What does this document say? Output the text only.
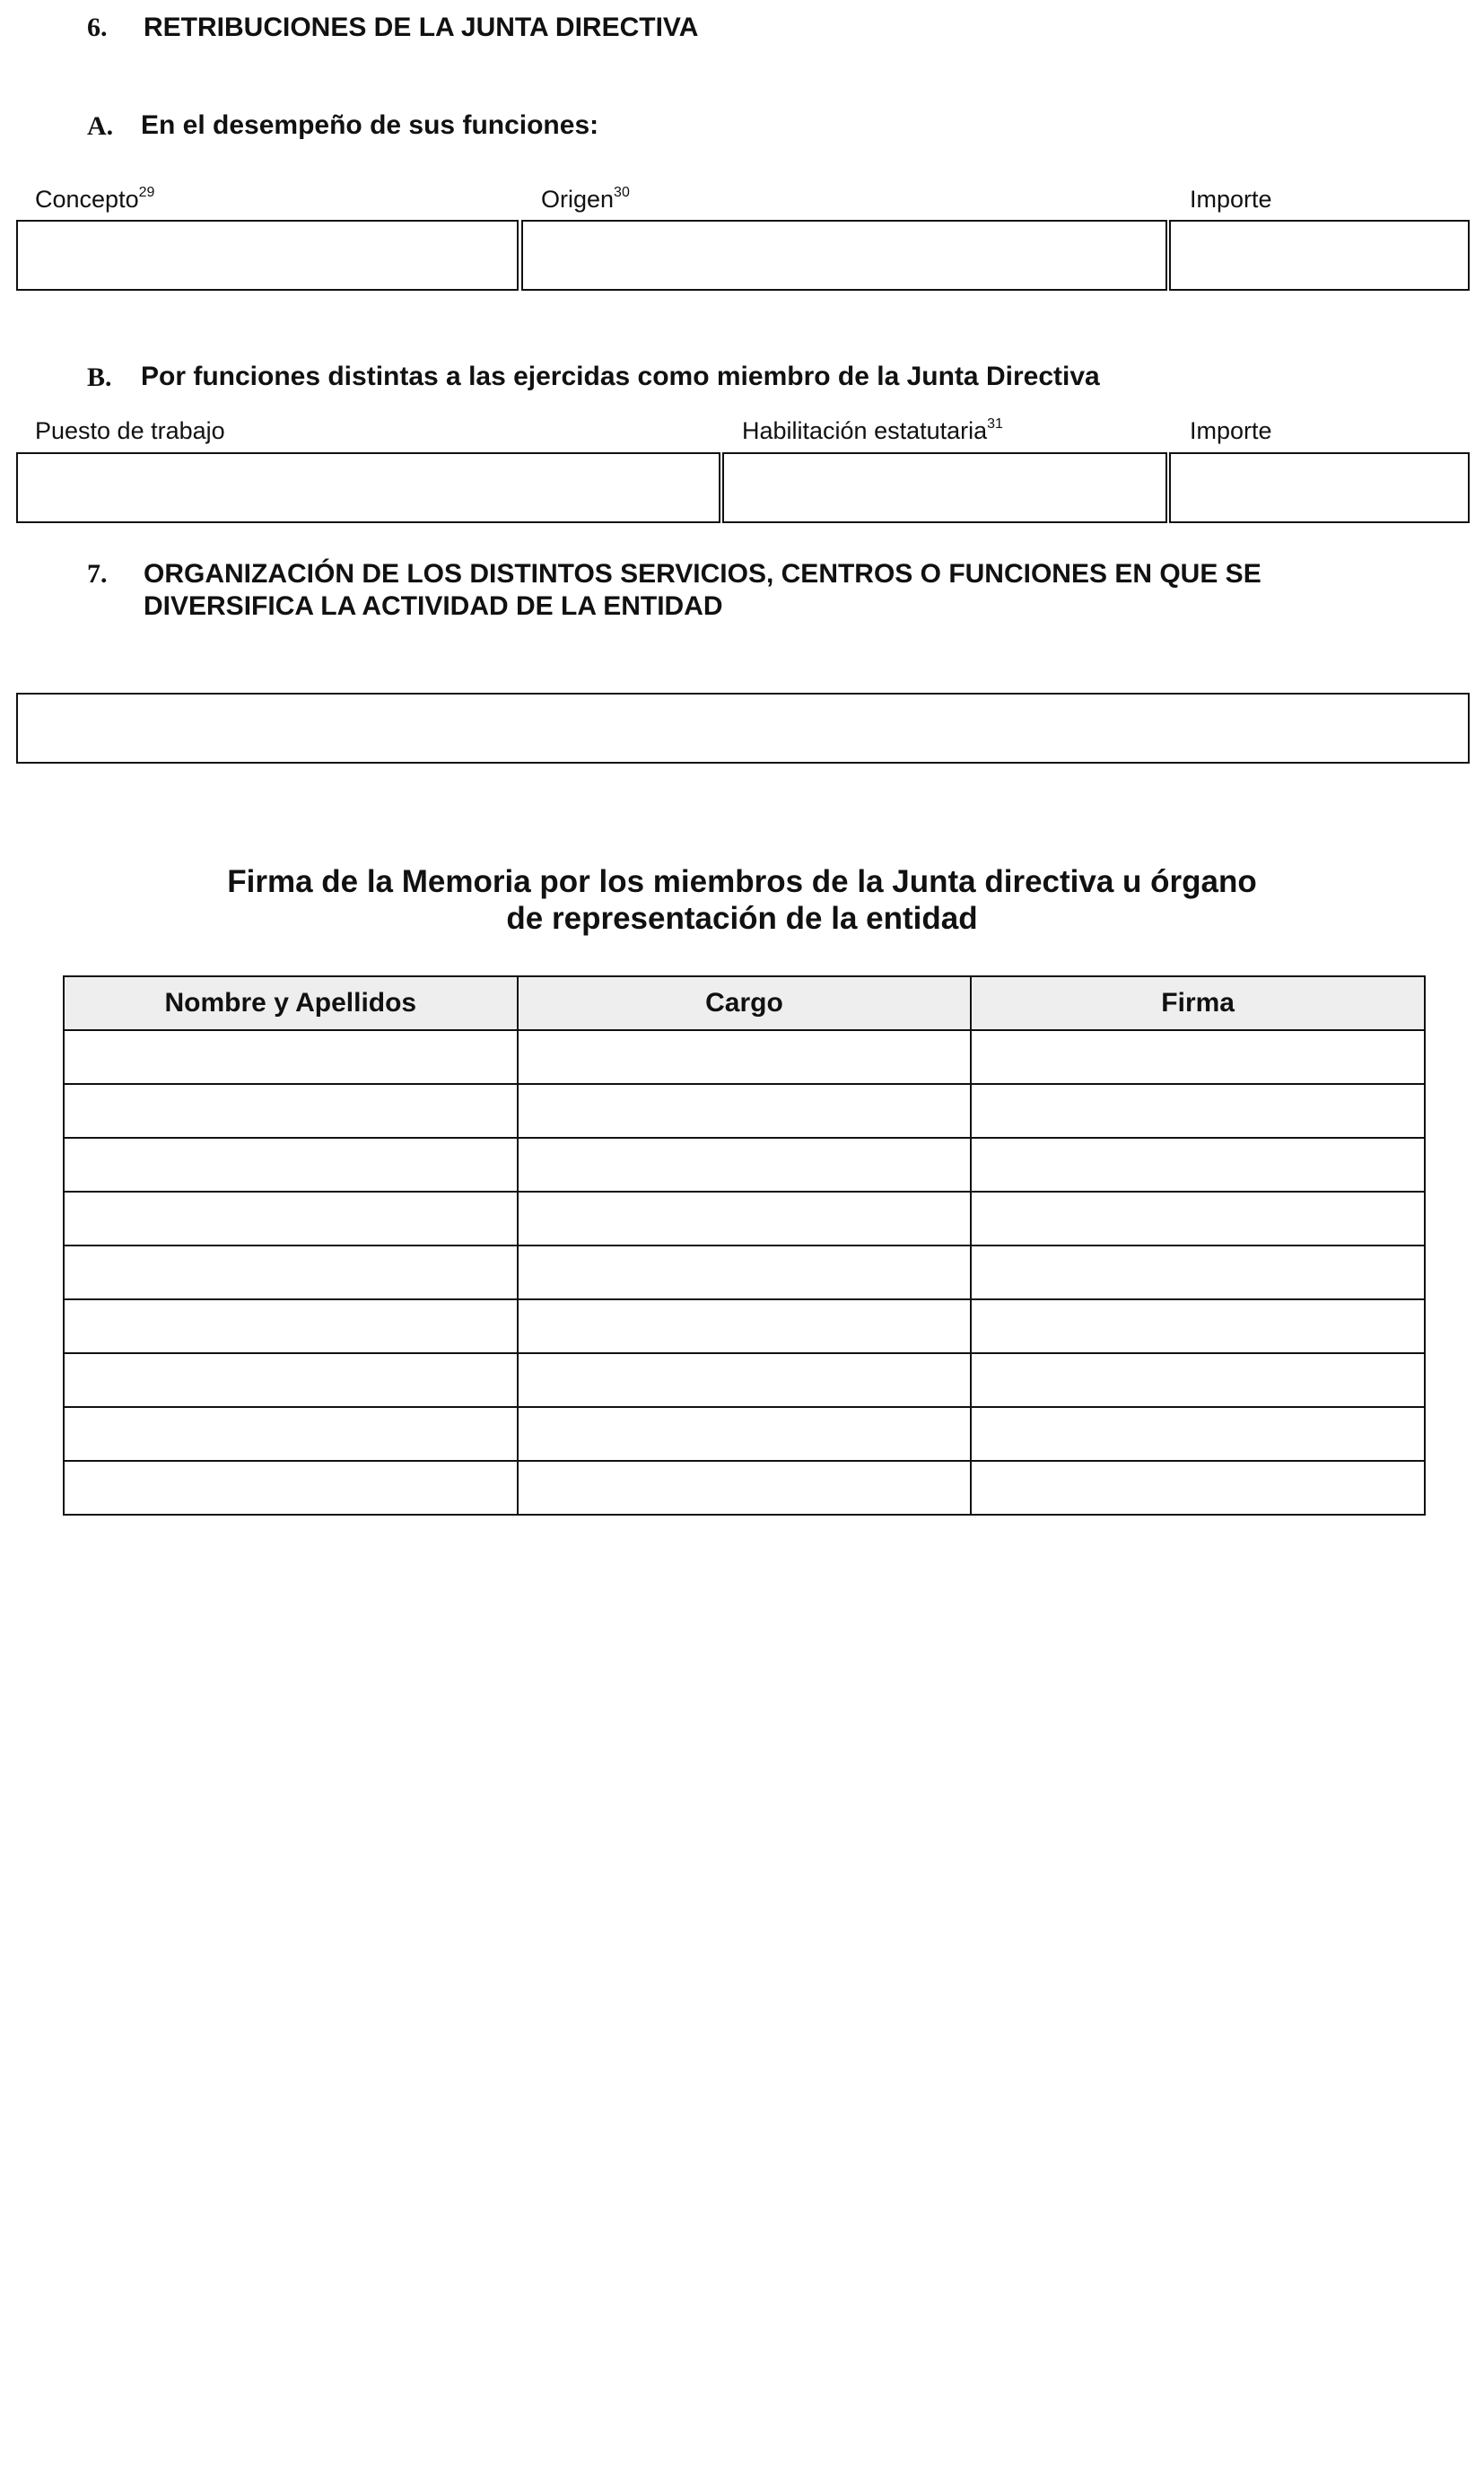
6. RETRIBUCIONES DE LA JUNTA DIRECTIVA
A. En el desempeño de sus funciones:
Concepto$^{29}$	Origen$^{30}$	Importe
B. Por funciones distintas a las ejercidas como miembro de la Junta Directiva
Puesto de trabajo	Habilitación estatutaria$^{31}$	Importe
7. ORGANIZACIÓN DE LOS DISTINTOS SERVICIOS, CENTROS O FUNCIONES EN QUE SE
DIVERSIFICA LA ACTIVIDAD DE LA ENTIDAD
Firma de la Memoria por los miembros de la Junta directiva u órgano
de representación de la entidad
Nombre y Apellidos	Cargo	Firma
